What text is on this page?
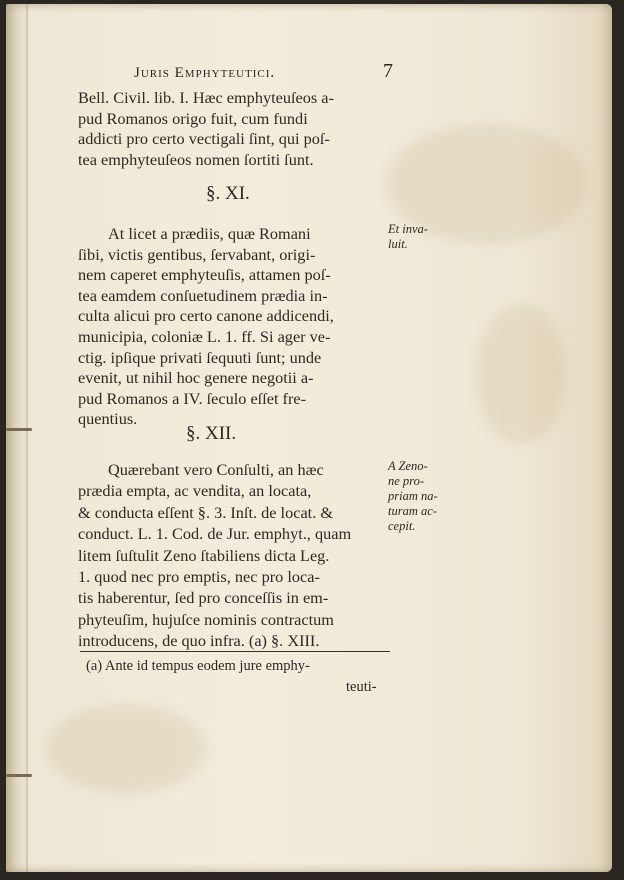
Juris Emphyteutici.	7
Bell. Civil. lib. I. Hæc emphyteuſeos a-
pud Romanos origo fuit, cum fundi
addicti pro certo vectigali ſint, qui poſ-
tea emphyteuſeos nomen ſortiti ſunt.
§. XI.
At licet a prædiis, quæ Romani
ſibi, victis gentibus, ſervabant, origi-
nem caperet emphyteuſis, attamen poſ-
tea eamdem conſuetudinem prædia in-
culta alicui pro certo canone addicendi,
municipia, coloniæ L. 1. ff. Si ager ve-
ctig. ipſique privati ſequuti ſunt; unde
evenit, ut nihil hoc genere negotii a-
pud Romanos a IV. ſeculo eſſet fre-
quentius.
Et inva-
luit.
§. XII.
Quærebant vero Conſulti, an hæc
prædia empta, ac vendita, an locata,
& conducta eſſent §. 3. Inſt. de locat. &
conduct. L. 1. Cod. de Jur. emphyt., quam
litem ſuſtulit Zeno ſtabiliens dicta Leg.
1. quod nec pro emptis, nec pro loca-
tis haberentur, ſed pro conceſſis in em-
phyteuſim, hujuſce nominis contractum
introducens, de quo infra. (a) §. XIII.
A Zeno-
ne pro-
priam na-
turam ac-
cepit.
(a) Ante id tempus eodem jure emphy-
teuti-
